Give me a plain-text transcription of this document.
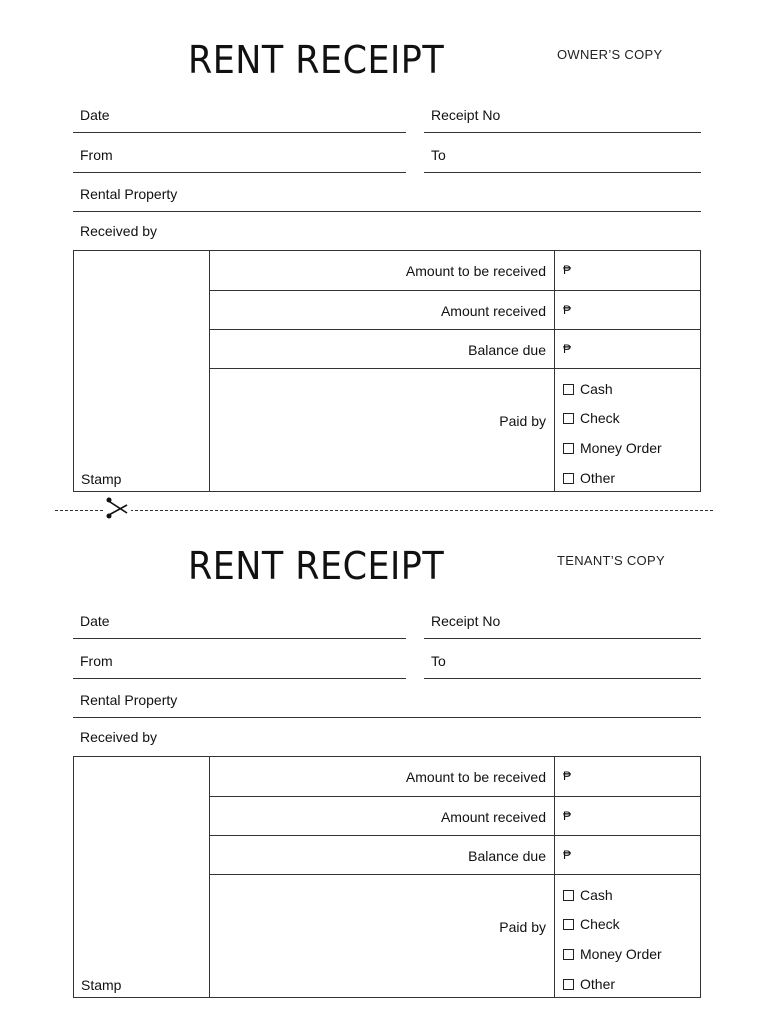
RENT RECEIPT	OWNER’S COPY
Date	Receipt No
From	To
Rental Property
Received by
Stamp
Amount to be received ₱
Amount received ₱
Balance due ₱
Paid by
Cash
Check
Money Order
Other
RENT RECEIPT	TENANT’S COPY
Date	Receipt No
From	To
Rental Property
Received by
Stamp
Amount to be received ₱
Amount received ₱
Balance due ₱
Paid by
Cash
Check
Money Order
Other
